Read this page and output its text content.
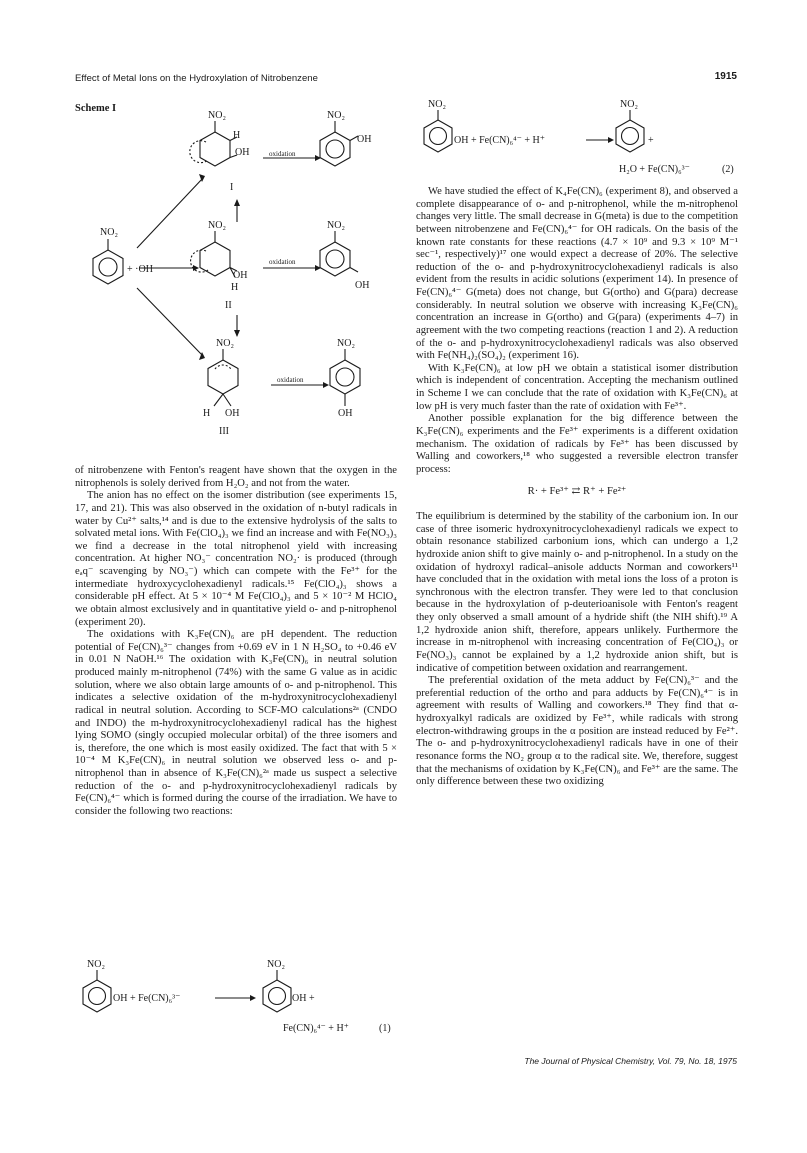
Effect of Metal Ions on the Hydroxylation of Nitrobenzene	1915
Scheme I
NO₂
+ ·OH
NO₂
H
OH
I
oxidation
NO₂
OH
NO₂
OH
H
II
oxidation
NO₂
OH
NO₂
H OH
III
oxidation
NO₂
OH

of nitrobenzene with Fenton's reagent have shown that the oxygen in the nitrophenols is solely derived from H₂O₂ and not from the water.

The anion has no effect on the isomer distribution (see experiments 15, 17, and 21). This was also observed in the oxidation of n-butyl radicals in water by Cu²⁺ salts,¹⁴ and is due to the extensive hydrolysis of the salts to solvated metal ions. With Fe(ClO₄)₃ we find an increase and with Fe(NO₃)₃ we find a decrease in the total nitrophenol yield with increasing concentration. At higher NO₃⁻ concentration NO₂· is produced (through eₐq⁻ scavenging by NO₃⁻) which can compete with the Fe³⁺ for the intermediate hydroxycyclohexadienyl radicals.¹⁵ Fe(ClO₄)₃ shows a considerable pH effect. At 5 × 10⁻⁴ M Fe(ClO₄)₃ and 5 × 10⁻² M HClO₄ we obtain almost exclusively and in quantitative yield o- and p-nitrophenol (experiment 20).

The oxidations with K₃Fe(CN)₆ are pH dependent. The reduction potential of Fe(CN)₆³⁻ changes from +0.69 eV in 1 N H₂SO₄ to +0.46 eV in 0.01 N NaOH.¹⁶ The oxidation with K₃Fe(CN)₆ in neutral solution produced mainly m-nitrophenol (74%) with the same G value as in acidic solution, where we also obtain large amounts of o- and p-nitrophenol. This indicates a selective oxidation of the m-hydroxynitrocyclohexadienyl radical in neutral solution. According to SCF-MO calculations²ᵃ (CNDO and INDO) the m-hydroxynitrocyclohexadienyl radical has the highest lying SOMO (singly occupied molecular orbital) of the three isomers and is, therefore, the one which is most easily oxidized. The fact that with 5 × 10⁻⁴ M K₃Fe(CN)₆ in neutral solution we observed less o- and p-nitrophenol than in absence of K₃Fe(CN)₆²ᵃ made us suspect a selective reduction of the o- and p-hydroxynitrocyclohexadienyl radicals by Fe(CN)₆⁴⁻ which is formed during the course of the irradiation. We have to consider the following two reactions:

NO₂
OH + Fe(CN)₆³⁻
NO₂
OH +
Fe(CN)₆⁴⁻ + H⁺	(1)
NO₂
OH + Fe(CN)₆⁴⁻ + H⁺
NO₂
+
H₂O + Fe(CN)₆³⁻	(2)

We have studied the effect of K₄Fe(CN)₆ (experiment 8), and observed a complete disappearance of o- and p-nitrophenol, while the m-nitrophenol changes very little. The small decrease in G(meta) is due to the competition between nitrobenzene and Fe(CN)₆⁴⁻ for OH radicals. On the basis of the known rate constants for these reactions (4.7 × 10⁹ and 9.3 × 10⁹ M⁻¹ sec⁻¹, respectively)¹⁷ one would expect a decrease of 20%. The selective reduction of the o- and p-hydroxynitrocyclohexadienyl radicals is also evident from the results in acidic solutions (experiment 14). In presence of Fe(CN)₆⁴⁻ G(meta) does not change, but G(ortho) and G(para) decrease considerably. In neutral solution we observe with increasing K₃Fe(CN)₆ concentration an increase in G(ortho) and G(para) (experiments 4–7) in agreement with the two competing reactions (reaction 1 and 2). A reduction of the o- and p-hydroxynitrocyclohexadienyl radicals was also observed with Fe(NH₄)₂(SO₄)₂ (experiment 16).

With K₃Fe(CN)₆ at low pH we obtain a statistical isomer distribution which is independent of concentration. Accepting the mechanism outlined in Scheme I we can conclude that the rate of oxidation with K₃Fe(CN)₆ at low pH is very much faster than the rate of oxidation with Fe³⁺.

Another possible explanation for the big difference between the K₃Fe(CN)₆ experiments and the Fe³⁺ experiments is a different oxidation mechanism. The oxidation of radicals by Fe³⁺ has been discussed by Walling and coworkers,¹⁸ who suggested a reversible electron transfer process:

R· + Fe³⁺ ⇄ R⁺ + Fe²⁺

The equilibrium is determined by the stability of the carbonium ion. In our case of three isomeric hydroxynitrocyclohexadienyl radicals we expect to obtain resonance stabilized carbonium ions, which can undergo a 1,2 hydroxide anion shift to give mainly o- and p-nitrophenol. In a study on the oxidation of hydroxyl radical–anisole adducts Norman and coworkers¹¹ have concluded that in the oxidation with metal ions the loss of a proton is synchronous with the electron transfer. They were led to that conclusion because in the hydroxylation of p-deuterioanisole with Fenton's reagent they only observed a small amount of a hydride shift (the NIH shift).¹⁹ A 1,2 hydroxide anion shift, therefore, appears unlikely. Furthermore the increase in m-nitrophenol with increasing concentration of Fe(ClO₄)₃ or Fe(NO₃)₃ cannot be explained by a 1,2 hydroxide anion shift, but is indicative of competition between oxidation and rearrangement.

The preferential oxidation of the meta adduct by Fe(CN)₆³⁻ and the preferential reduction of the ortho and para adducts by Fe(CN)₆⁴⁻ is in agreement with results of Walling and coworkers.¹⁸ They find that α-hydroxyalkyl radicals are oxidized by Fe³⁺, while radicals with strong electron-withdrawing groups in the α position are instead reduced by Fe²⁺. The o- and p-hydroxynitrocyclohexadienyl radicals have in one of their resonance forms the NO₂ group α to the radical site. We, therefore, suggest that the mechanisms of oxidation by K₃Fe(CN)₆ and Fe³⁺ are the same. The only difference between these two oxidizing

The Journal of Physical Chemistry, Vol. 79, No. 18, 1975
